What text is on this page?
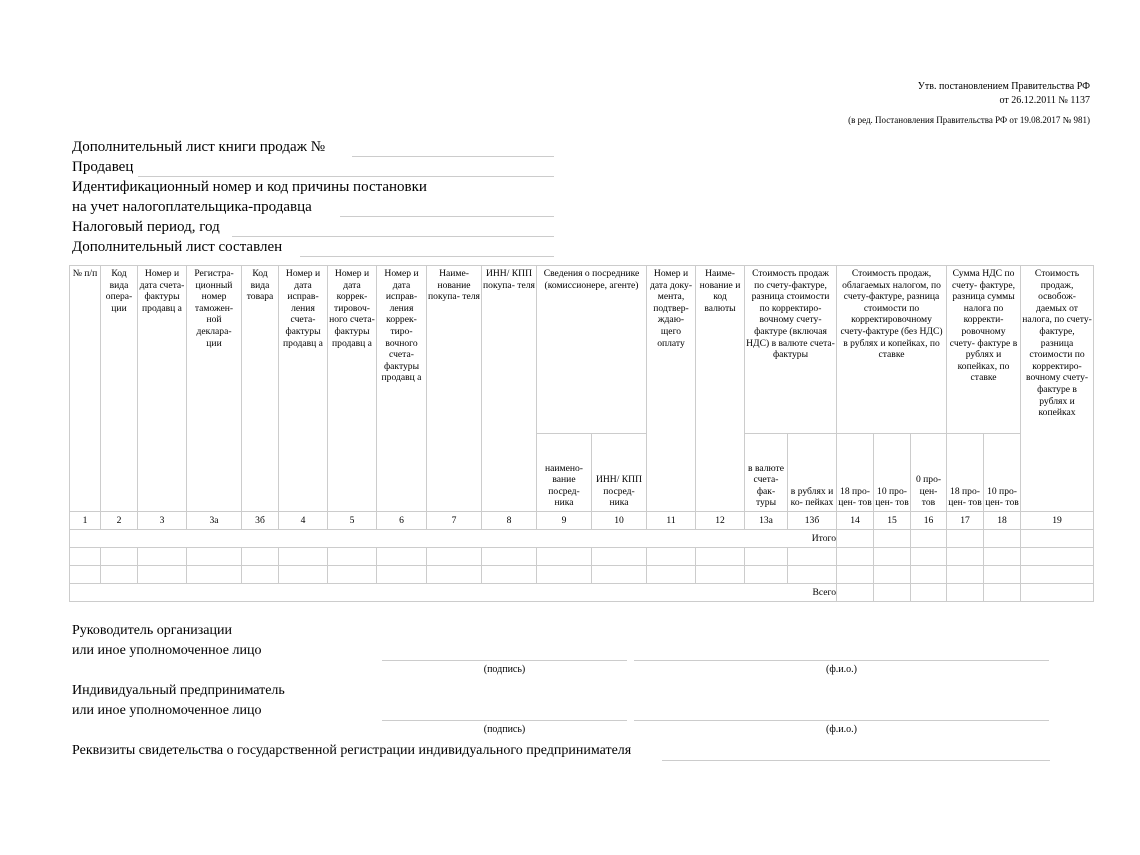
Утв. постановлением Правительства РФ
от 26.12.2011 № 1137
(в ред. Постановления Правительства РФ от 19.08.2017 № 981)
Дополнительный лист книги продаж №
Продавец
Идентификационный номер и код причины постановки
на учет налогоплательщика-продавца
Налоговый период, год
Дополнительный лист составлен
№ п/п	Код вида опера- ции	Номер и дата счета- фактуры продавц а	Регистра- ционный номер таможен- ной деклара- ции	Код вида товара	Номер и дата исправ- ления счета- фактуры продавц а	Номер и дата коррек- тировоч- ного счета- фактуры продавц а	Номер и дата исправ- ления коррек- тиро- вочного счета- фактуры продавц а	Наиме- нование покупа- теля	ИНН/ КПП покупа- теля	Сведения о посреднике (комиссионере, агенте)		Номер и дата доку- мента, подтвер- ждаю- щего оплату	Наиме- нование и код валюты	Стоимость продаж по счету-фактуре, разница стоимости по корректиро- вочному счету- фактуре (включая НДС) в валюте счета-фактуры		Стоимость продаж, облагаемых налогом, по счету-фактуре, разница стоимости по корректировочному счету-фактуре (без НДС) в рублях и копейках, по ставке			Сумма НДС по счету- фактуре, разница суммы налога по корректи- ровочному счету- фактуре в рублях и копейках, по ставке		Стоимость продаж, освобож- даемых от налога, по счету- фактуре, разница стоимости по корректиро- вочному счету- фактуре в рублях и копейках
										наимено- вание посред- ника	ИНН/ КПП посред- ника			в валюте счета- фак- туры	в рублях и ко- пейках	18 про- цен- тов	10 про- цен- тов	0 про- цен- тов	18 про- цен- тов	10 про- цен- тов	
1	2	3	3а	3б	4	5	6	7	8	9	10	11	12	13а	13б	14	15	16	17	18	19
Итого																					

Всего																					
Руководитель организации
или иное уполномоченное лицо
(подпись)	(ф.и.о.)
Индивидуальный предприниматель
или иное уполномоченное лицо
(подпись)	(ф.и.о.)
Реквизиты свидетельства о государственной регистрации индивидуального предпринимателя
